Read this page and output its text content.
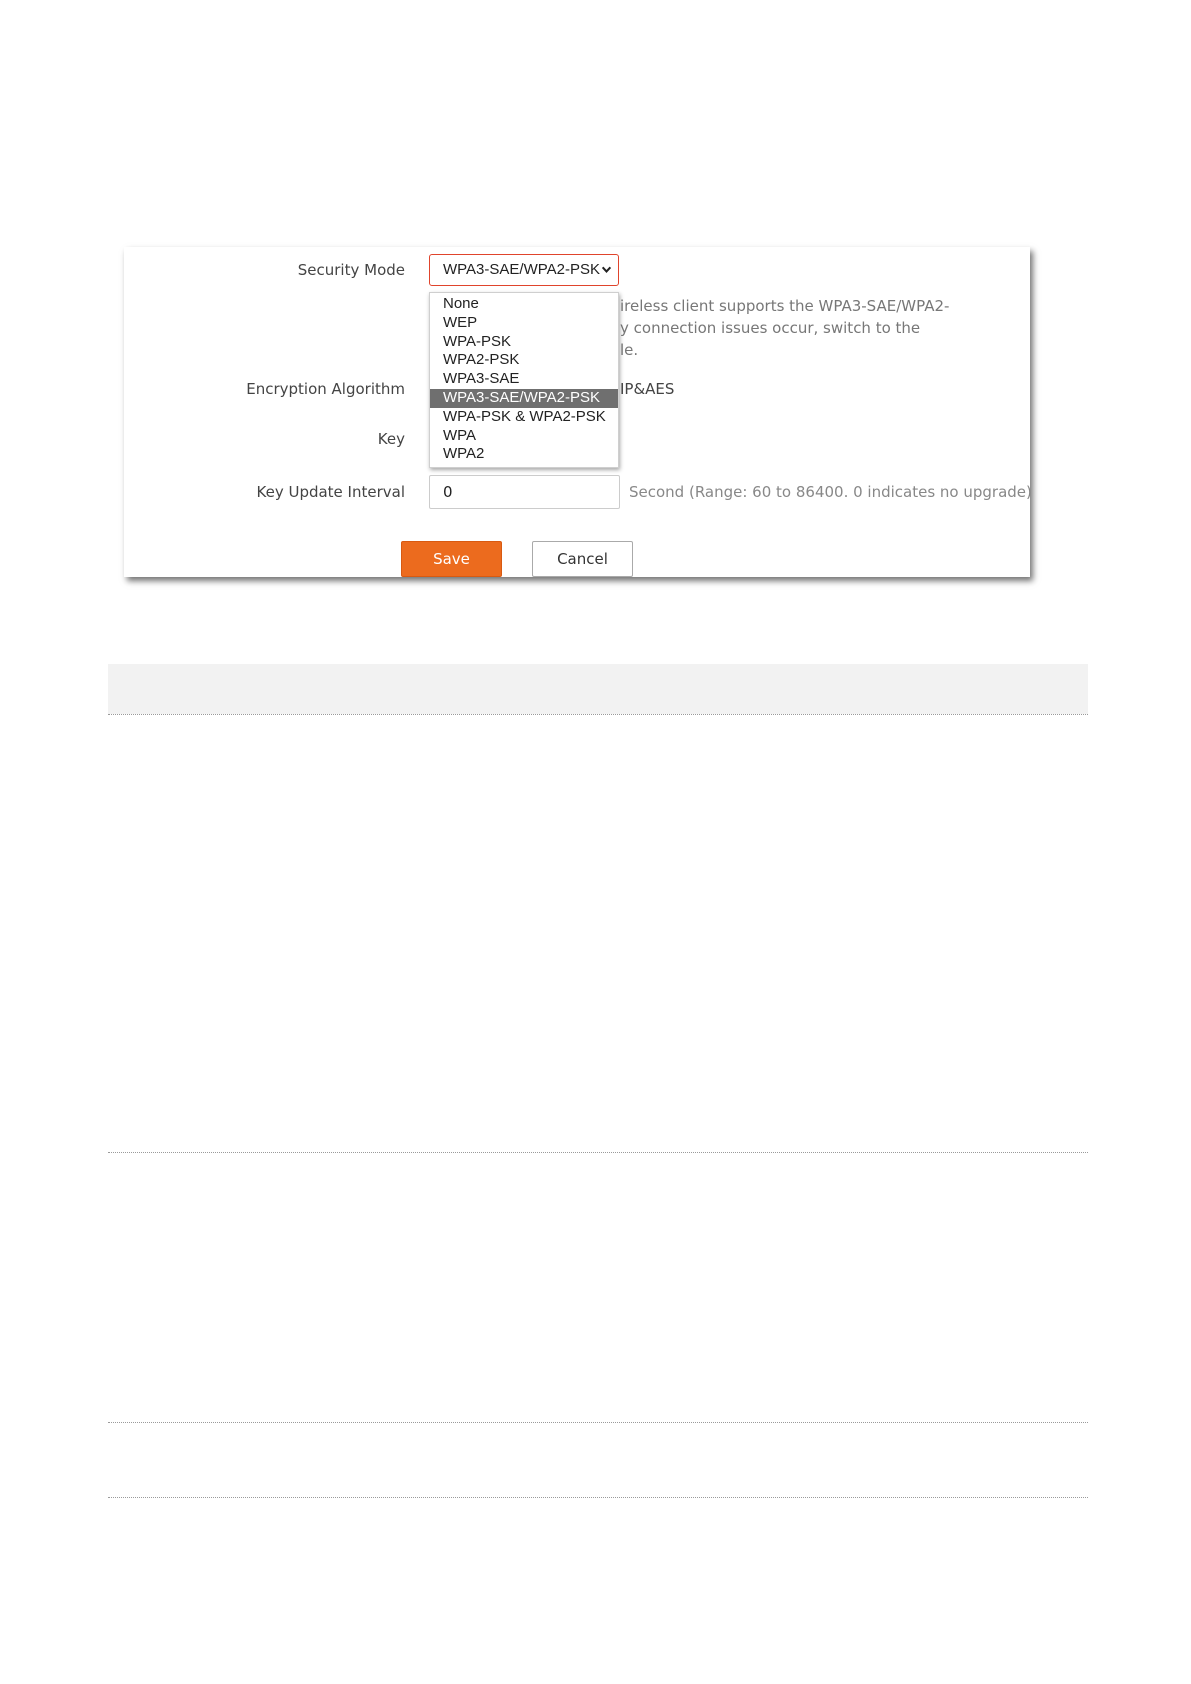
Security Mode	WPA3-SAE/WPA2-PSK
None
WEP
WPA-PSK
WPA2-PSK
WPA3-SAE
WPA3-SAE/WPA2-PSK
WPA-PSK & WPA2-PSK
WPA
WPA2
ireless client supports the WPA3-SAE/WPA2-
y connection issues occur, switch to the
le.
Encryption Algorithm	IP&AES
Key
Key Update Interval	0	Second (Range: 60 to 86400. 0 indicates no upgrade)
Save	Cancel
